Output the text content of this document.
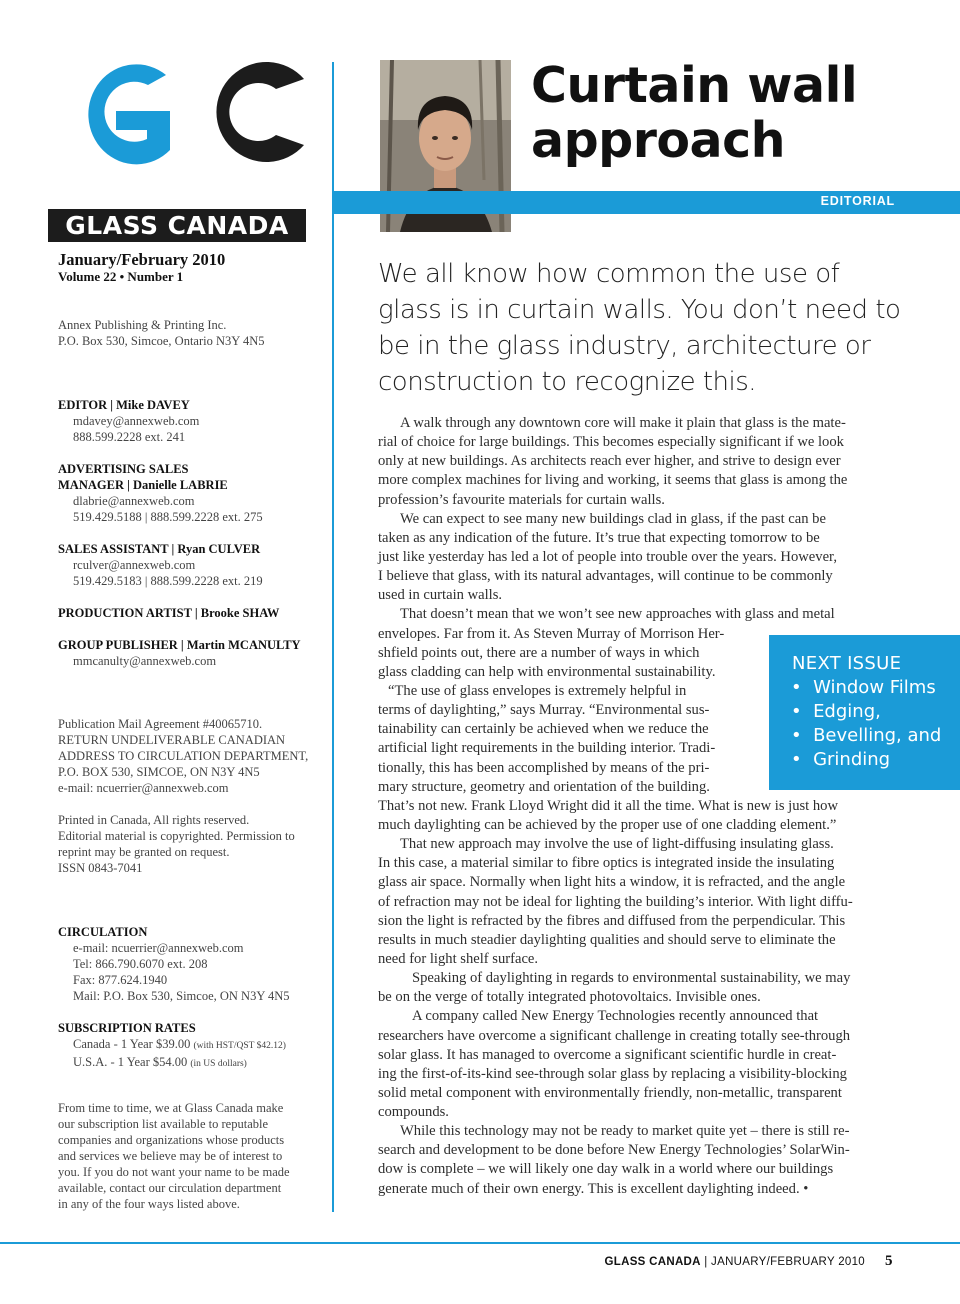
GLASS CANADA
January/February 2010
Volume 22 • Number 1
Annex Publishing & Printing Inc.
P.O. Box 530, Simcoe, Ontario N3Y 4N5
EDITOR | Mike DAVEY
mdavey@annexweb.com
888.599.2228 ext. 241
ADVERTISING SALES
MANAGER | Danielle LABRIE
dlabrie@annexweb.com
519.429.5188 | 888.599.2228 ext. 275
SALES ASSISTANT | Ryan CULVER
rculver@annexweb.com
519.429.5183 | 888.599.2228 ext. 219
PRODUCTION ARTIST | Brooke SHAW
GROUP PUBLISHER | Martin MCANULTY
mmcanulty@annexweb.com
Publication Mail Agreement #40065710.
RETURN UNDELIVERABLE CANADIAN
ADDRESS TO CIRCULATION DEPARTMENT,
P.O. BOX 530, SIMCOE, ON N3Y 4N5
e-mail: ncuerrier@annexweb.com
Printed in Canada, All rights reserved.
Editorial material is copyrighted. Permission to
reprint may be granted on request.
ISSN 0843-7041
CIRCULATION
e-mail: ncuerrier@annexweb.com
Tel: 866.790.6070 ext. 208
Fax: 877.624.1940
Mail: P.O. Box 530, Simcoe, ON N3Y 4N5
SUBSCRIPTION RATES
Canada - 1 Year $39.00 (with HST/QST $42.12)
U.S.A. - 1 Year $54.00 (in US dollars)
From time to time, we at Glass Canada make
our subscription list available to reputable
companies and organizations whose products
and services we believe may be of interest to
you. If you do not want your name to be made
available, contact our circulation department
in any of the four ways listed above.
Curtain wall
approach
EDITORIAL
We all know how common the use of
glass is in curtain walls. You don’t need to
be in the glass industry, architecture or
construction to recognize this.
A walk through any downtown core will make it plain that glass is the mate-
rial of choice for large buildings. This becomes especially significant if we look
only at new buildings. As architects reach ever higher, and strive to design ever
more complex machines for living and working, it seems that glass is among the
profession’s favourite materials for curtain walls.
We can expect to see many new buildings clad in glass, if the past can be
taken as any indication of the future. It’s true that expecting tomorrow to be
just like yesterday has led a lot of people into trouble over the years. However,
I believe that glass, with its natural advantages, will continue to be commonly
used in curtain walls.
That doesn’t mean that we won’t see new approaches with glass and metal
envelopes. Far from it. As Steven Murray of Morrison Her-
shfield points out, there are a number of ways in which
glass cladding can help with environmental sustainability.
“The use of glass envelopes is extremely helpful in
terms of daylighting,” says Murray. “Environmental sus-
tainability can certainly be achieved when we reduce the
artificial light requirements in the building interior. Tradi-
tionally, this has been accomplished by means of the pri-
mary structure, geometry and orientation of the building.
That’s not new. Frank Lloyd Wright did it all the time. What is new is just how
much daylighting can be achieved by the proper use of one cladding element.”
That new approach may involve the use of light-diffusing insulating glass.
In this case, a material similar to fibre optics is integrated inside the insulating
glass air space. Normally when light hits a window, it is refracted, and the angle
of refraction may not be ideal for lighting the building’s interior. With light diffu-
sion the light is refracted by the fibres and diffused from the perpendicular. This
results in much steadier daylighting qualities and should serve to eliminate the
need for light shelf surface.
Speaking of daylighting in regards to environmental sustainability, we may
be on the verge of totally integrated photovoltaics. Invisible ones.
A company called New Energy Technologies recently announced that
researchers have overcome a significant challenge in creating totally see-through
solar glass. It has managed to overcome a significant scientific hurdle in creat-
ing the first-of-its-kind see-through solar glass by replacing a visibility-blocking
solid metal component with environmentally friendly, non-metallic, transparent
compounds.
While this technology may not be ready to market quite yet – there is still re-
search and development to be done before New Energy Technologies’ SolarWin-
dow is complete – we will likely one day walk in a world where our buildings
generate much of their own energy. This is excellent daylighting indeed. •
NEXT ISSUE
•  Window Films
•  Edging,
•  Bevelling, and
•  Grinding
GLASS CANADA | JANUARY/FEBRUARY 2010 5
